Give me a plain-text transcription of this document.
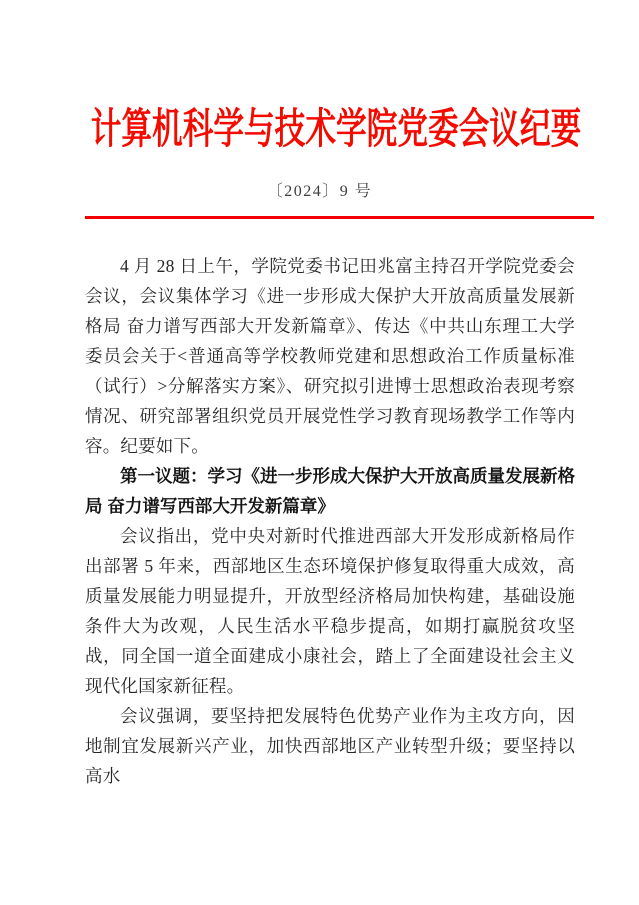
计算机科学与技术学院党委会议纪要
〔2024〕9 号

4 月 28 日上午，学院党委书记田兆富主持召开学院党委会会议，会议集体学习《进一步形成大保护大开放高质量发展新格局 奋力谱写西部大开发新篇章》、传达《中共山东理工大学委员会关于<普通高等学校教师党建和思想政治工作质量标准（试行）>分解落实方案》、研究拟引进博士思想政治表现考察情况、研究部署组织党员开展党性学习教育现场教学工作等内容。纪要如下。

第一议题：学习《进一步形成大保护大开放高质量发展新格局 奋力谱写西部大开发新篇章》

会议指出，党中央对新时代推进西部大开发形成新格局作出部署 5 年来，西部地区生态环境保护修复取得重大成效，高质量发展能力明显提升，开放型经济格局加快构建，基础设施条件大为改观，人民生活水平稳步提高，如期打赢脱贫攻坚战，同全国一道全面建成小康社会，踏上了全面建设社会主义现代化国家新征程。

会议强调，要坚持把发展特色优势产业作为主攻方向，因地制宜发展新兴产业，加快西部地区产业转型升级；要坚持以高水
